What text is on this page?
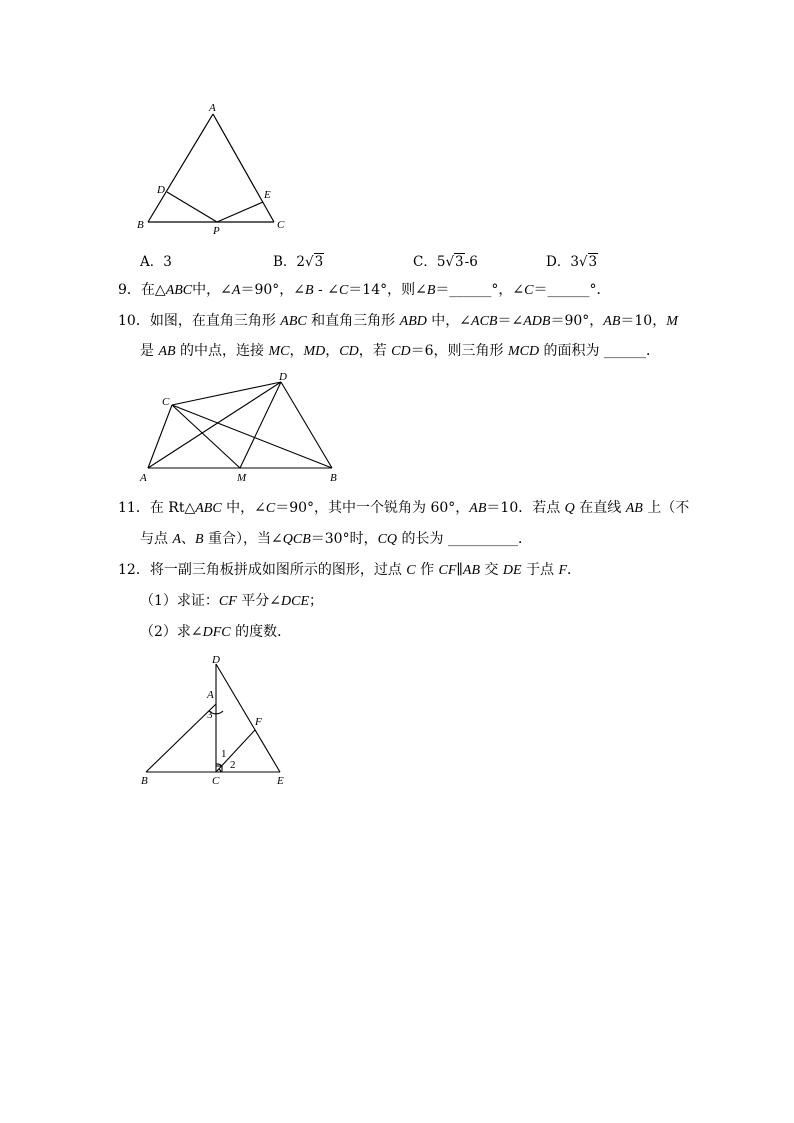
A
B	C
D	E
P
A．3	B．2√3	C．5√3-6	D．3√3
9．在△ABC中，∠A＝90°，∠B - ∠C＝14°，则∠B＝______°，∠C＝______°．
10．如图，在直角三角形 ABC 和直角三角形 ABD 中，∠ACB＝∠ADB＝90°，AB＝10，M
是 AB 的中点，连接 MC，MD，CD，若 CD＝6，则三角形 MCD 的面积为 ______．
C
D
A	M	B
11．在 Rt△ABC 中，∠C＝90°，其中一个锐角为 60°，AB＝10．若点 Q 在直线 AB 上（不
与点 A、B 重合），当∠QCB＝30°时，CQ 的长为 __________．
12．将一副三角板拼成如图所示的图形，过点 C 作 CF∥AB 交 DE 于点 F．
（1）求证：CF 平分∠DCE；
（2）求∠DFC 的度数．
D
A
3
F
1
2
B	C	E
